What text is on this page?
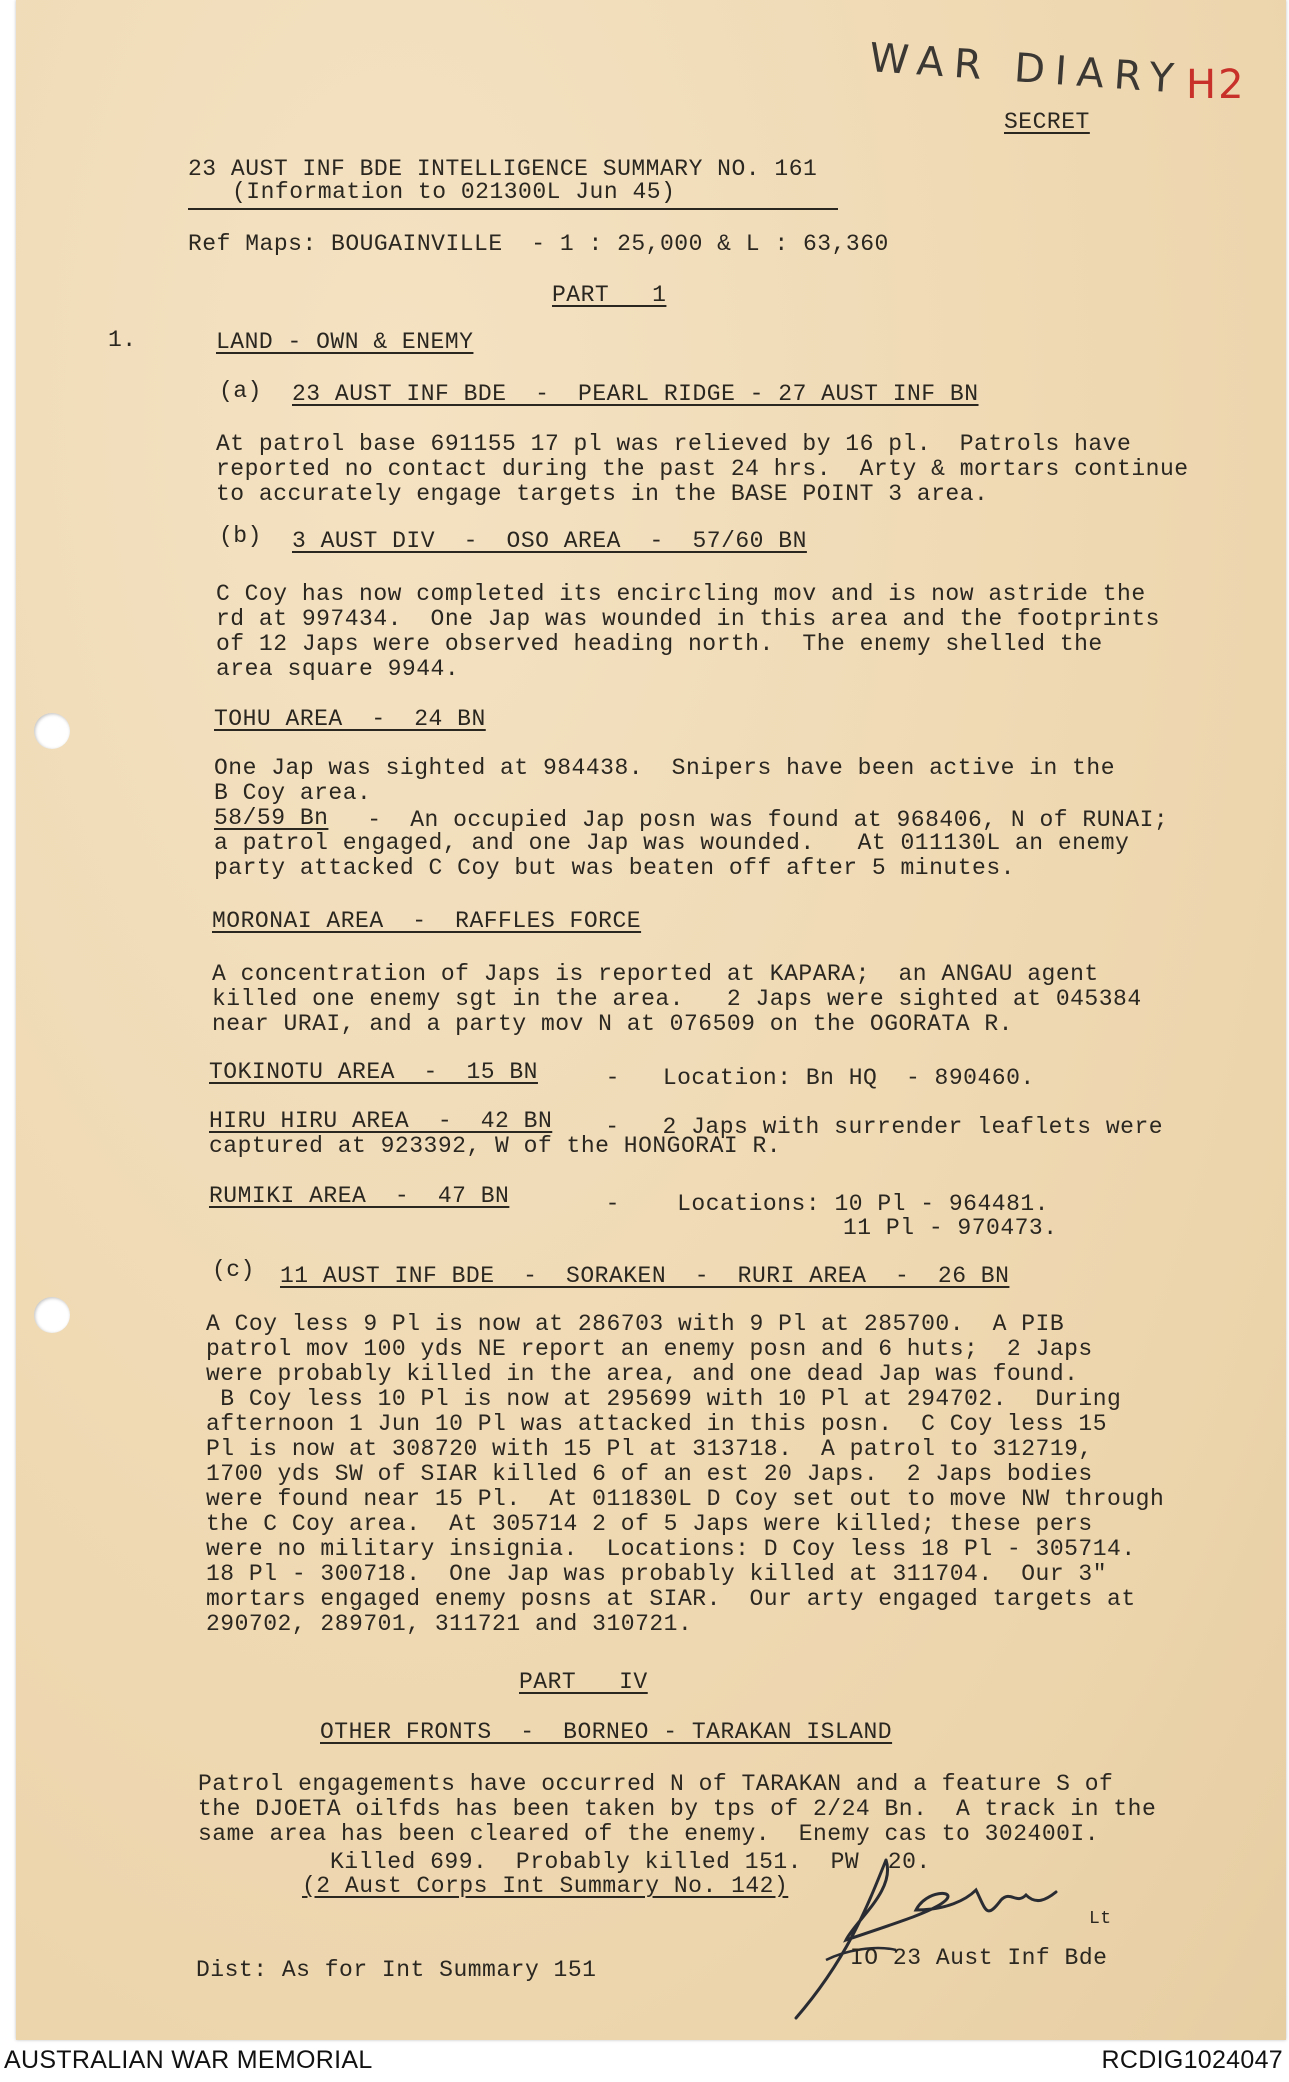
WAR DIARY H2
SECRET
23 AUST INF BDE INTELLIGENCE SUMMARY NO. 161
(Information to 021300L Jun 45)
Ref Maps: BOUGAINVILLE  - 1 : 25,000 & L : 63,360
PART   1
1.	LAND - OWN & ENEMY
(a) 23 AUST INF BDE  -  PEARL RIDGE - 27 AUST INF BN
At patrol base 691155 17 pl was relieved by 16 pl.  Patrols have
reported no contact during the past 24 hrs.  Arty & mortars continue
to accurately engage targets in the BASE POINT 3 area.
(b) 3 AUST DIV  -  OSO AREA  -  57/60 BN
C Coy has now completed its encircling mov and is now astride the
rd at 997434.  One Jap was wounded in this area and the footprints
of 12 Japs were observed heading north.  The enemy shelled the
area square 9944.
TOHU AREA  -  24 BN
One Jap was sighted at 984438.  Snipers have been active in the
B Coy area.
58/59 Bn -  An occupied Jap posn was found at 968406, N of RUNAI;
a patrol engaged, and one Jap was wounded.   At 011130L an enemy
party attacked C Coy but was beaten off after 5 minutes.
MORONAI AREA  -  RAFFLES FORCE
A concentration of Japs is reported at KAPARA;  an ANGAU agent
killed one enemy sgt in the area.   2 Japs were sighted at 045384
near URAI, and a party mov N at 076509 on the OGORATA R.
TOKINOTU AREA  -  15 BN -   Location: Bn HQ  - 890460.
HIRU HIRU AREA  -  42 BN -   2 Japs with surrender leaflets were
captured at 923392, W of the HONGORAI R.
RUMIKI AREA  -  47 BN	-    Locations: 10 Pl - 964481.
11 Pl - 970473.
(c) 11 AUST INF BDE  -  SORAKEN  -  RURI AREA  -  26 BN
A Coy less 9 Pl is now at 286703 with 9 Pl at 285700.  A PIB
patrol mov 100 yds NE report an enemy posn and 6 huts;  2 Japs
were probably killed in the area, and one dead Jap was found.
B Coy less 10 Pl is now at 295699 with 10 Pl at 294702.  During
afternoon 1 Jun 10 Pl was attacked in this posn.  C Coy less 15
Pl is now at 308720 with 15 Pl at 313718.  A patrol to 312719,
1700 yds SW of SIAR killed 6 of an est 20 Japs.  2 Japs bodies
were found near 15 Pl.  At 011830L D Coy set out to move NW through
the C Coy area.  At 305714 2 of 5 Japs were killed; these pers
were no military insignia.  Locations: D Coy less 18 Pl - 305714.
18 Pl - 300718.  One Jap was probably killed at 311704.  Our 3"
mortars engaged enemy posns at SIAR.  Our arty engaged targets at
290702, 289701, 311721 and 310721.
PART   IV
OTHER FRONTS  -  BORNEO - TARAKAN ISLAND
Patrol engagements have occurred N of TARAKAN and a feature S of
the DJOETA oilfds has been taken by tps of 2/24 Bn.  A track in the
same area has been cleared of the enemy.  Enemy cas to 302400I.
Killed 699.  Probably killed 151.  PW  20.
(2 Aust Corps Int Summary No. 142)
Lt
IO 23 Aust Inf Bde
Dist: As for Int Summary 151
AUSTRALIAN WAR MEMORIAL	RCDIG1024047
